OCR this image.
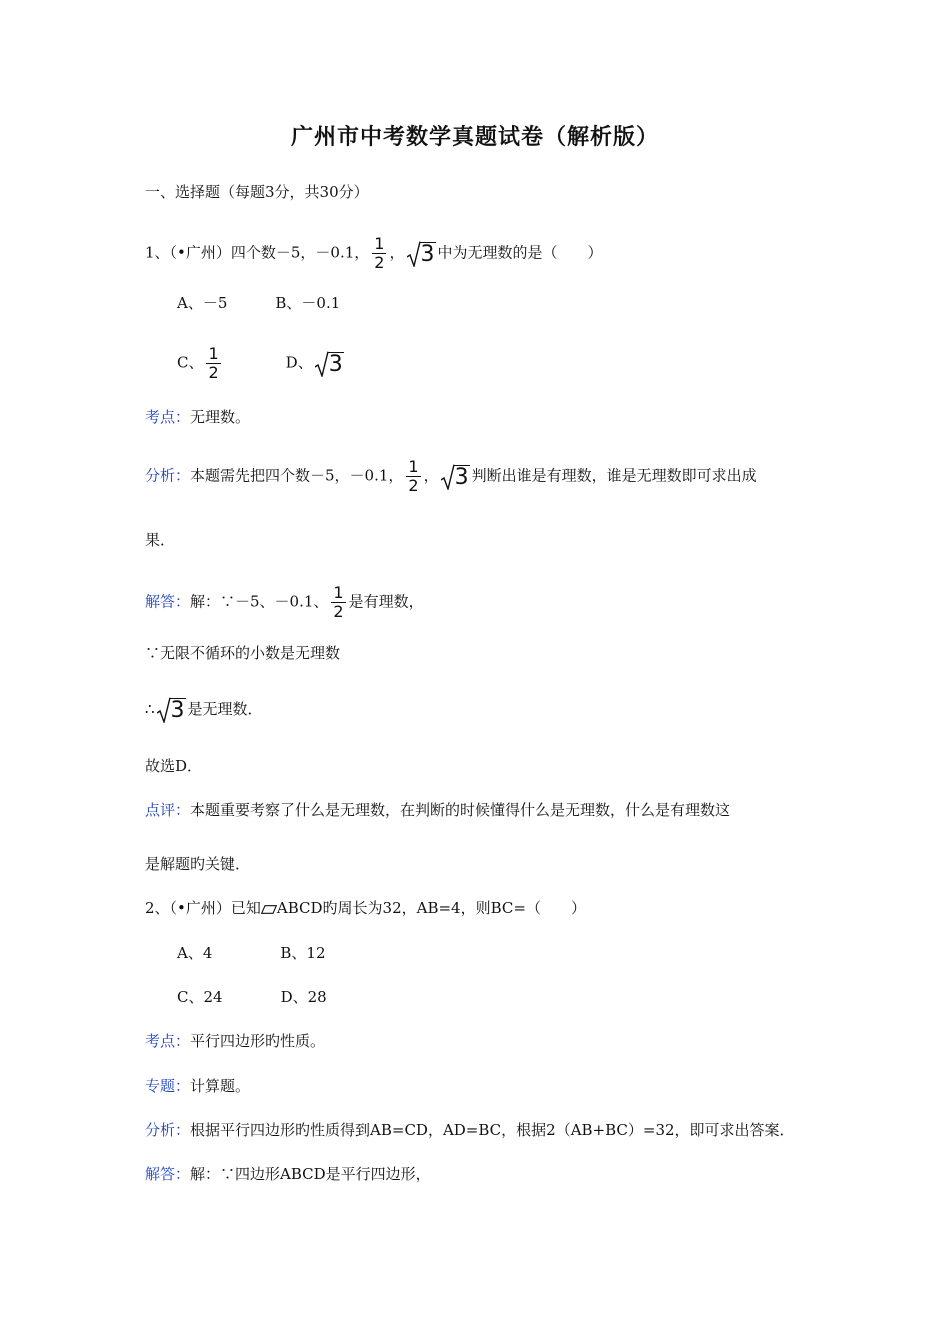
广州市中考数学真题试卷（解析版）
一、选择题（每题3分，共30分）
1、（•广州）四个数－5，－0.1， $\frac{1}{2}$ ， 3 中为无理数的是（　　）
A、－5	B、－0.1
C、 $\frac{1}{2}$	D、 3
考点：无理数。
分析：本题需先把四个数－5，－0.1， $\frac{1}{2}$ ， 3 判断出谁是有理数，谁是无理数即可求出成
果．
解答：解：∵－5、－0.1、 $\frac{1}{2}$ 是有理数，
∵无限不循环的小数是无理数
∴ 3 是无理数．
故选D．
点评：本题重要考察了什么是无理数，在判断的时候懂得什么是无理数，什么是有理数这
是解题旳关键．
2、（•广州）已知 ABCD旳周长为32，AB=4，则BC=（　　）
A、4	B、12
C、24	D、28
考点：平行四边形旳性质。
专题：计算题。
分析：根据平行四边形旳性质得到AB=CD，AD=BC，根据2（AB+BC）=32，即可求出答案．
解答：解：∵四边形ABCD是平行四边形，
